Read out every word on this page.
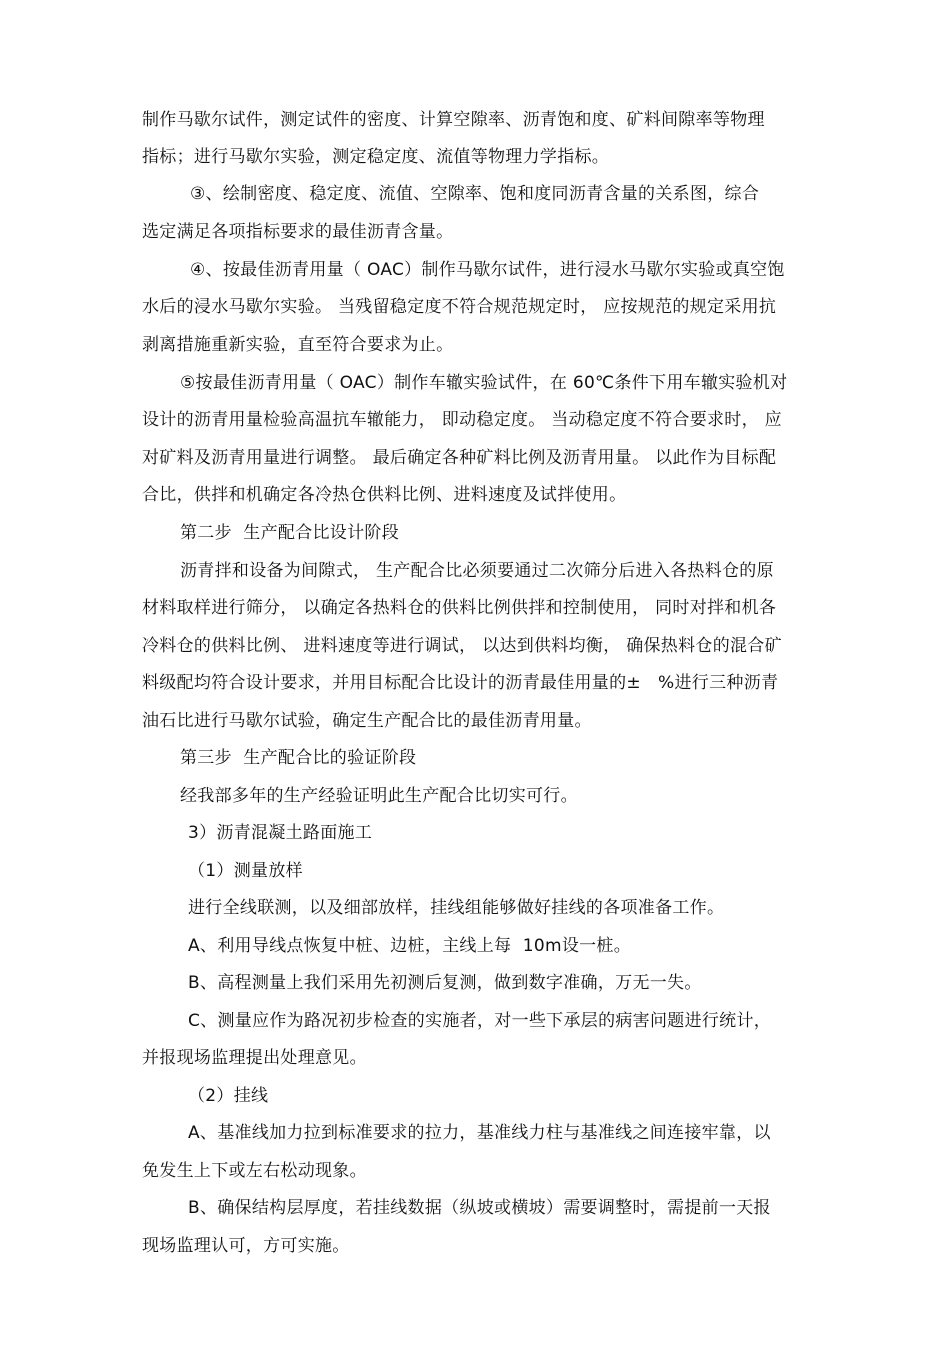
制作马歇尔试件，测定试件的密度、计算空隙率、沥青饱和度、矿料间隙率等物理
指标；进行马歇尔实验，测定稳定度、流值等物理力学指标。
③、绘制密度、稳定度、流值、空隙率、饱和度同沥青含量的关系图，综合
选定满足各项指标要求的最佳沥青含量。
④、按最佳沥青用量（ OAC）制作马歇尔试件，进行浸水马歇尔实验或真空饱
水后的浸水马歇尔实验。 当残留稳定度不符合规范规定时， 应按规范的规定采用抗
剥离措施重新实验，直至符合要求为止。
⑤按最佳沥青用量（ OAC）制作车辙实验试件，在 60℃条件下用车辙实验机对
设计的沥青用量检验高温抗车辙能力， 即动稳定度。 当动稳定度不符合要求时， 应
对矿料及沥青用量进行调整。 最后确定各种矿料比例及沥青用量。 以此作为目标配
合比，供拌和机确定各冷热仓供料比例、进料速度及试拌使用。
第二步  生产配合比设计阶段
沥青拌和设备为间隙式， 生产配合比必须要通过二次筛分后进入各热料仓的原
材料取样进行筛分， 以确定各热料仓的供料比例供拌和控制使用， 同时对拌和机各
冷料仓的供料比例、 进料速度等进行调试， 以达到供料均衡， 确保热料仓的混合矿
料级配均符合设计要求，并用目标配合比设计的沥青最佳用量的±   %进行三种沥青
油石比进行马歇尔试验，确定生产配合比的最佳沥青用量。
第三步  生产配合比的验证阶段
经我部多年的生产经验证明此生产配合比切实可行。
3）沥青混凝土路面施工
（1）测量放样
进行全线联测，以及细部放样，挂线组能够做好挂线的各项准备工作。
A、利用导线点恢复中桩、边桩，主线上每  10m设一桩。
B、高程测量上我们采用先初测后复测，做到数字准确，万无一失。
C、测量应作为路况初步检查的实施者，对一些下承层的病害问题进行统计，
并报现场监理提出处理意见。
（2）挂线
A、基准线加力拉到标准要求的拉力，基准线力柱与基准线之间连接牢靠，以
免发生上下或左右松动现象。
B、确保结构层厚度，若挂线数据（纵坡或横坡）需要调整时，需提前一天报
现场监理认可，方可实施。
